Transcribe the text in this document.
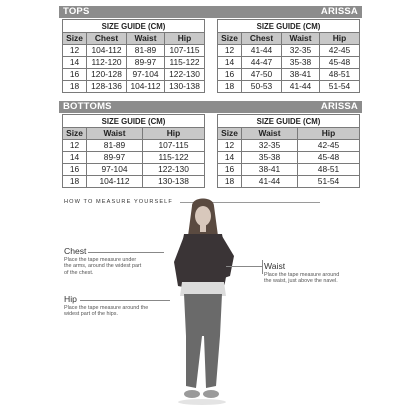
TOPS	ARISSA
SIZE GUIDE (CM)			
Size	Chest	Waist	Hip
12	104-112	81-89	107-115
14	112-120	89-97	115-122
16	120-128	97-104	122-130
18	128-136	104-112	130-138
SIZE GUIDE (CM)			
Size	Chest	Waist	Hip
12	41-44	32-35	42-45
14	44-47	35-38	45-48
16	47-50	38-41	48-51
18	50-53	41-44	51-54
BOTTOMS	ARISSA
SIZE GUIDE (CM)		
Size	Waist	Hip
12	81-89	107-115
14	89-97	115-122
16	97-104	122-130
18	104-112	130-138
SIZE GUIDE (CM)		
Size	Waist	Hip
12	32-35	42-45
14	35-38	45-48
16	38-41	48-51
18	41-44	51-54
HOW TO MEASURE YOURSELF
Chest
Place the tape measure under
the arms, around the widest part
of the chest.
Waist
Place the tape measure around
the waist, just above the navel.
Hip
Place the tape measure around the
widest part of the hips.
